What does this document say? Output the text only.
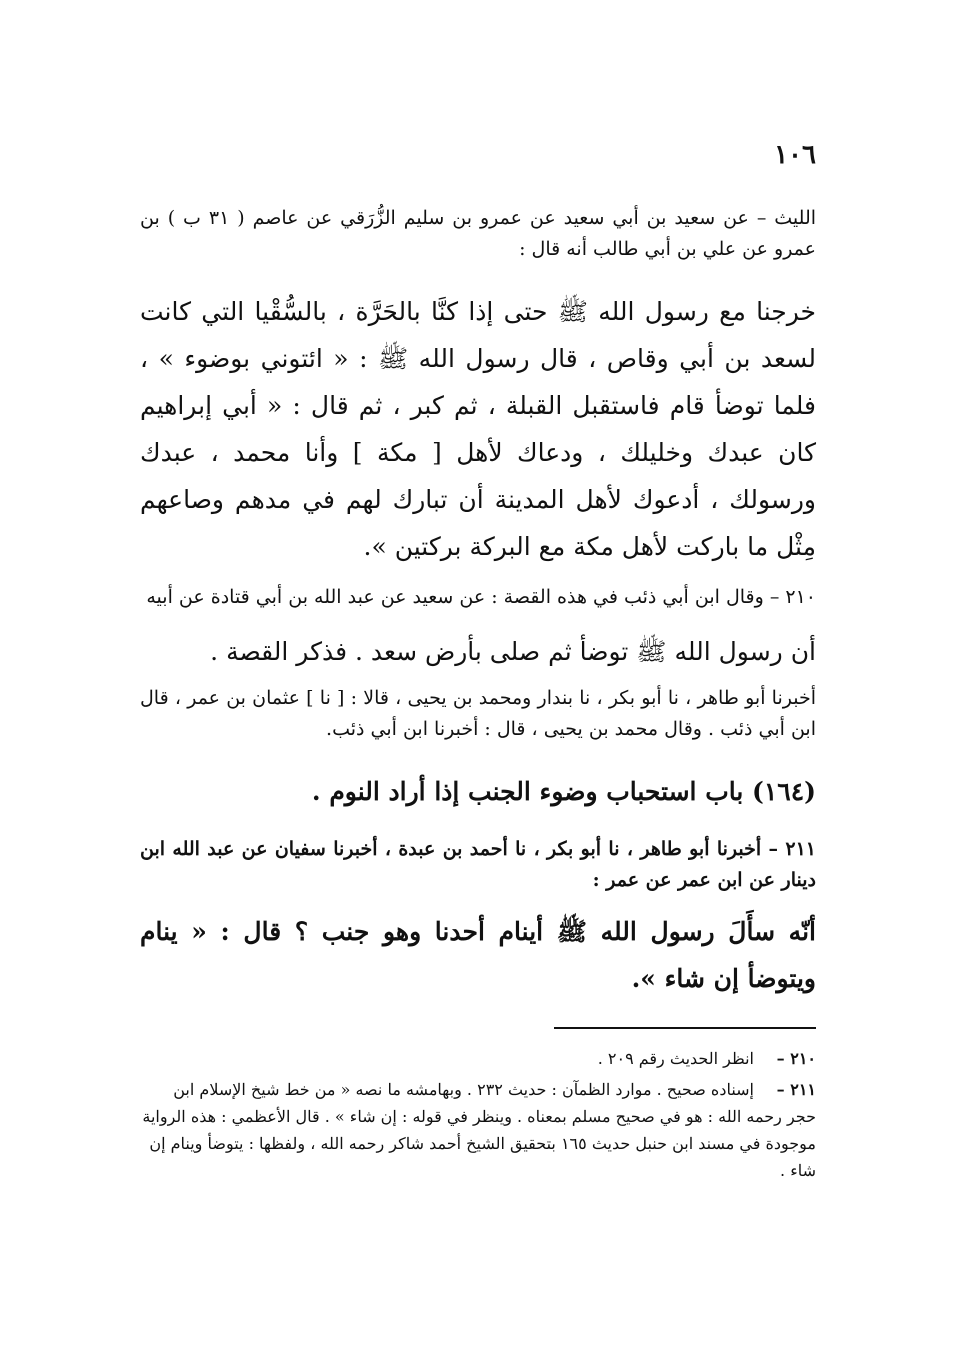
١٠٦
الليث – عن سعيد بن أبي سعيد عن عمرو بن سليم الزُّرَقي عن عاصم ( ٣١ ب ) بن عمرو عن علي بن أبي طالب أنه قال :
خرجنا مع رسول الله ﷺ حتى إذا كنَّا بالحَرَّة ، بالسُّقْيا التي كانت لسعد بن أبي وقاص ، قال رسول الله ﷺ : « ائتوني بوضوء » ، فلما توضأ قام فاستقبل القبلة ، ثم كبر ، ثم قال : « أبي إبراهيم كان عبدك وخليلك ، ودعاك لأهل [ مكة ] وأنا محمد ، عبدك ورسولك ، أدعوك لأهل المدينة أن تبارك لهم في مدهم وصاعهم مِثْل ما باركت لأهل مكة مع البركة بركتين ».
٢١٠ – وقال ابن أبي ذئب في هذه القصة : عن سعيد عن عبد الله بن أبي قتادة عن أبيه
أن رسول الله ﷺ توضأ ثم صلى بأرض سعد . فذكر القصة .
أخبرنا أبو طاهر ، نا أبو بكر ، نا بندار ومحمد بن يحيى ، قالا : [ نا ] عثمان بن عمر ، قال ابن أبي ذئب . وقال محمد بن يحيى ، قال : أخبرنا ابن أبي ذئب.
(١٦٤) باب استحباب وضوء الجنب إذا أراد النوم .
٢١١ – أخبرنا أبو طاهر ، نا أبو بكر ، نا أحمد بن عبدة ، أخبرنا سفيان عن عبد الله ابن دينار عن ابن عمر عن عمر :
أنّه سأَلَ رسول الله ﷺ أينام أحدنا وهو جنب ؟ قال : « ينام ويتوضأ إن شاء ».
٢١٠ –انظر الحديث رقم ٢٠٩ .
٢١١ –إسناده صحيح . موارد الظمآن : حديث ٢٣٢ . وبهامشه ما نصه « من خط شيخ الإسلام ابن حجر رحمه الله : هو في صحيح مسلم بمعناه . وينظر في قوله : إن شاء » . قال الأعظمي : هذه الرواية موجودة في مسند ابن حنبل حديث ١٦٥ بتحقيق الشيخ أحمد شاكر رحمه الله ، ولفظها : يتوضأ وينام إن شاء .
